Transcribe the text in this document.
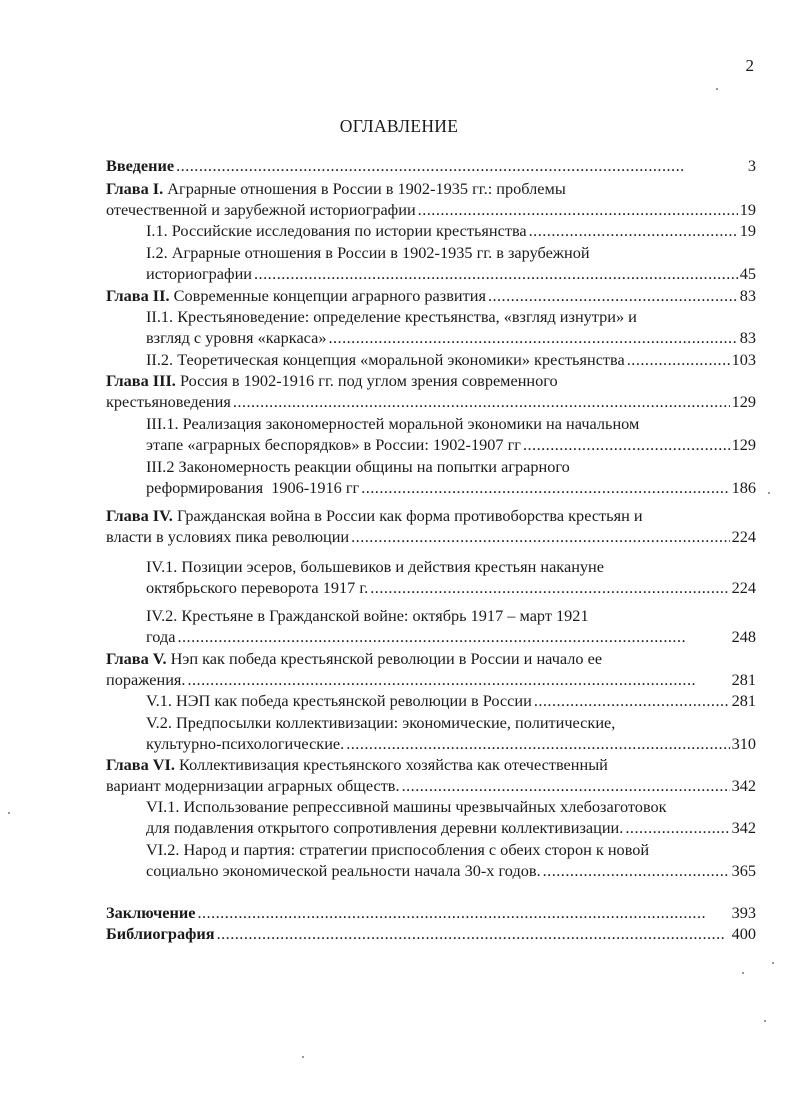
2
ОГЛАВЛЕНИЕ
Введение . . .	3
Глава I. Аграрные отношения в России в 1902-1935 гг.: проблемы
отечественной и зарубежной историографии . . .	19
I.1. Российские исследования по истории крестьянства . . .	19
I.2. Аграрные отношения в России в 1902-1935 гг. в зарубежной
историографии . . .	45
Глава II. Современные концепции аграрного развития . . .	83
II.1. Крестьяноведение: определение крестьянства, «взгляд изнутри» и
взгляд с уровня «каркаса» . . .	83
II.2. Теоретическая концепция «моральной экономики» крестьянства . . .	103
Глава III. Россия в 1902-1916 гг. под углом зрения современного
крестьяноведения . . .	129
III.1. Реализация закономерностей моральной экономики на начальном
этапе «аграрных беспорядков» в России: 1902-1907 гг . . .	129
III.2 Закономерность реакции общины на попытки аграрного
реформирования  1906-1916 гг . . .	186
Глава IV. Гражданская война в России как форма противоборства крестьян и
власти в условиях пика революции . . .	224
IV.1. Позиции эсеров, большевиков и действия крестьян накануне
октябрьского переворота 1917 г. . . .	224
IV.2. Крестьяне в Гражданской войне: октябрь 1917 – март 1921
года . . .	248
Глава V. Нэп как победа крестьянской революции в России и начало ее
поражения. . . .	281
V.1. НЭП как победа крестьянской революции в России . . .	281
V.2. Предпосылки коллективизации: экономические, политические,
культурно-психологические. . . .	310
Глава VI. Коллективизация крестьянского хозяйства как отечественный
вариант модернизации аграрных обществ. . . .	342
VI.1. Использование репрессивной машины чрезвычайных хлебозаготовок
для подавления открытого сопротивления деревни коллективизации. . . .	342
VI.2. Народ и партия: стратегии приспособления с обеих сторон к новой
социально экономической реальности начала 30-х годов. . . .	365
Заключение . . .	393
Библиография . . .	400
